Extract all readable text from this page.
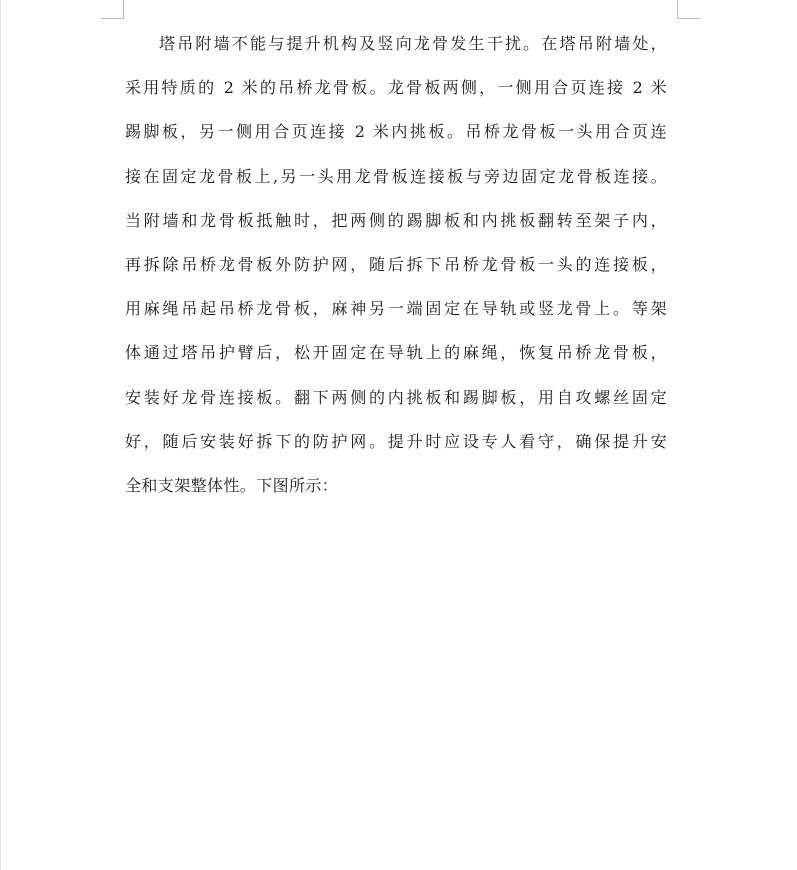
塔吊附墙不能与提升机构及竖向龙骨发生干扰。在塔吊附墙处，
采用特质的 2 米的吊桥龙骨板。龙骨板两侧，一侧用合页连接 2 米
踢脚板，另一侧用合页连接 2 米内挑板。吊桥龙骨板一头用合页连
接在固定龙骨板上,另一头用龙骨板连接板与旁边固定龙骨板连接。
当附墙和龙骨板抵触时，把两侧的踢脚板和内挑板翻转至架子内，
再拆除吊桥龙骨板外防护网，随后拆下吊桥龙骨板一头的连接板，
用麻绳吊起吊桥龙骨板，麻神另一端固定在导轨或竖龙骨上。等架
体通过塔吊护臂后，松开固定在导轨上的麻绳，恢复吊桥龙骨板，
安装好龙骨连接板。翻下两侧的内挑板和踢脚板，用自攻螺丝固定
好，随后安装好拆下的防护网。提升时应设专人看守，确保提升安
全和支架整体性。下图所示：
